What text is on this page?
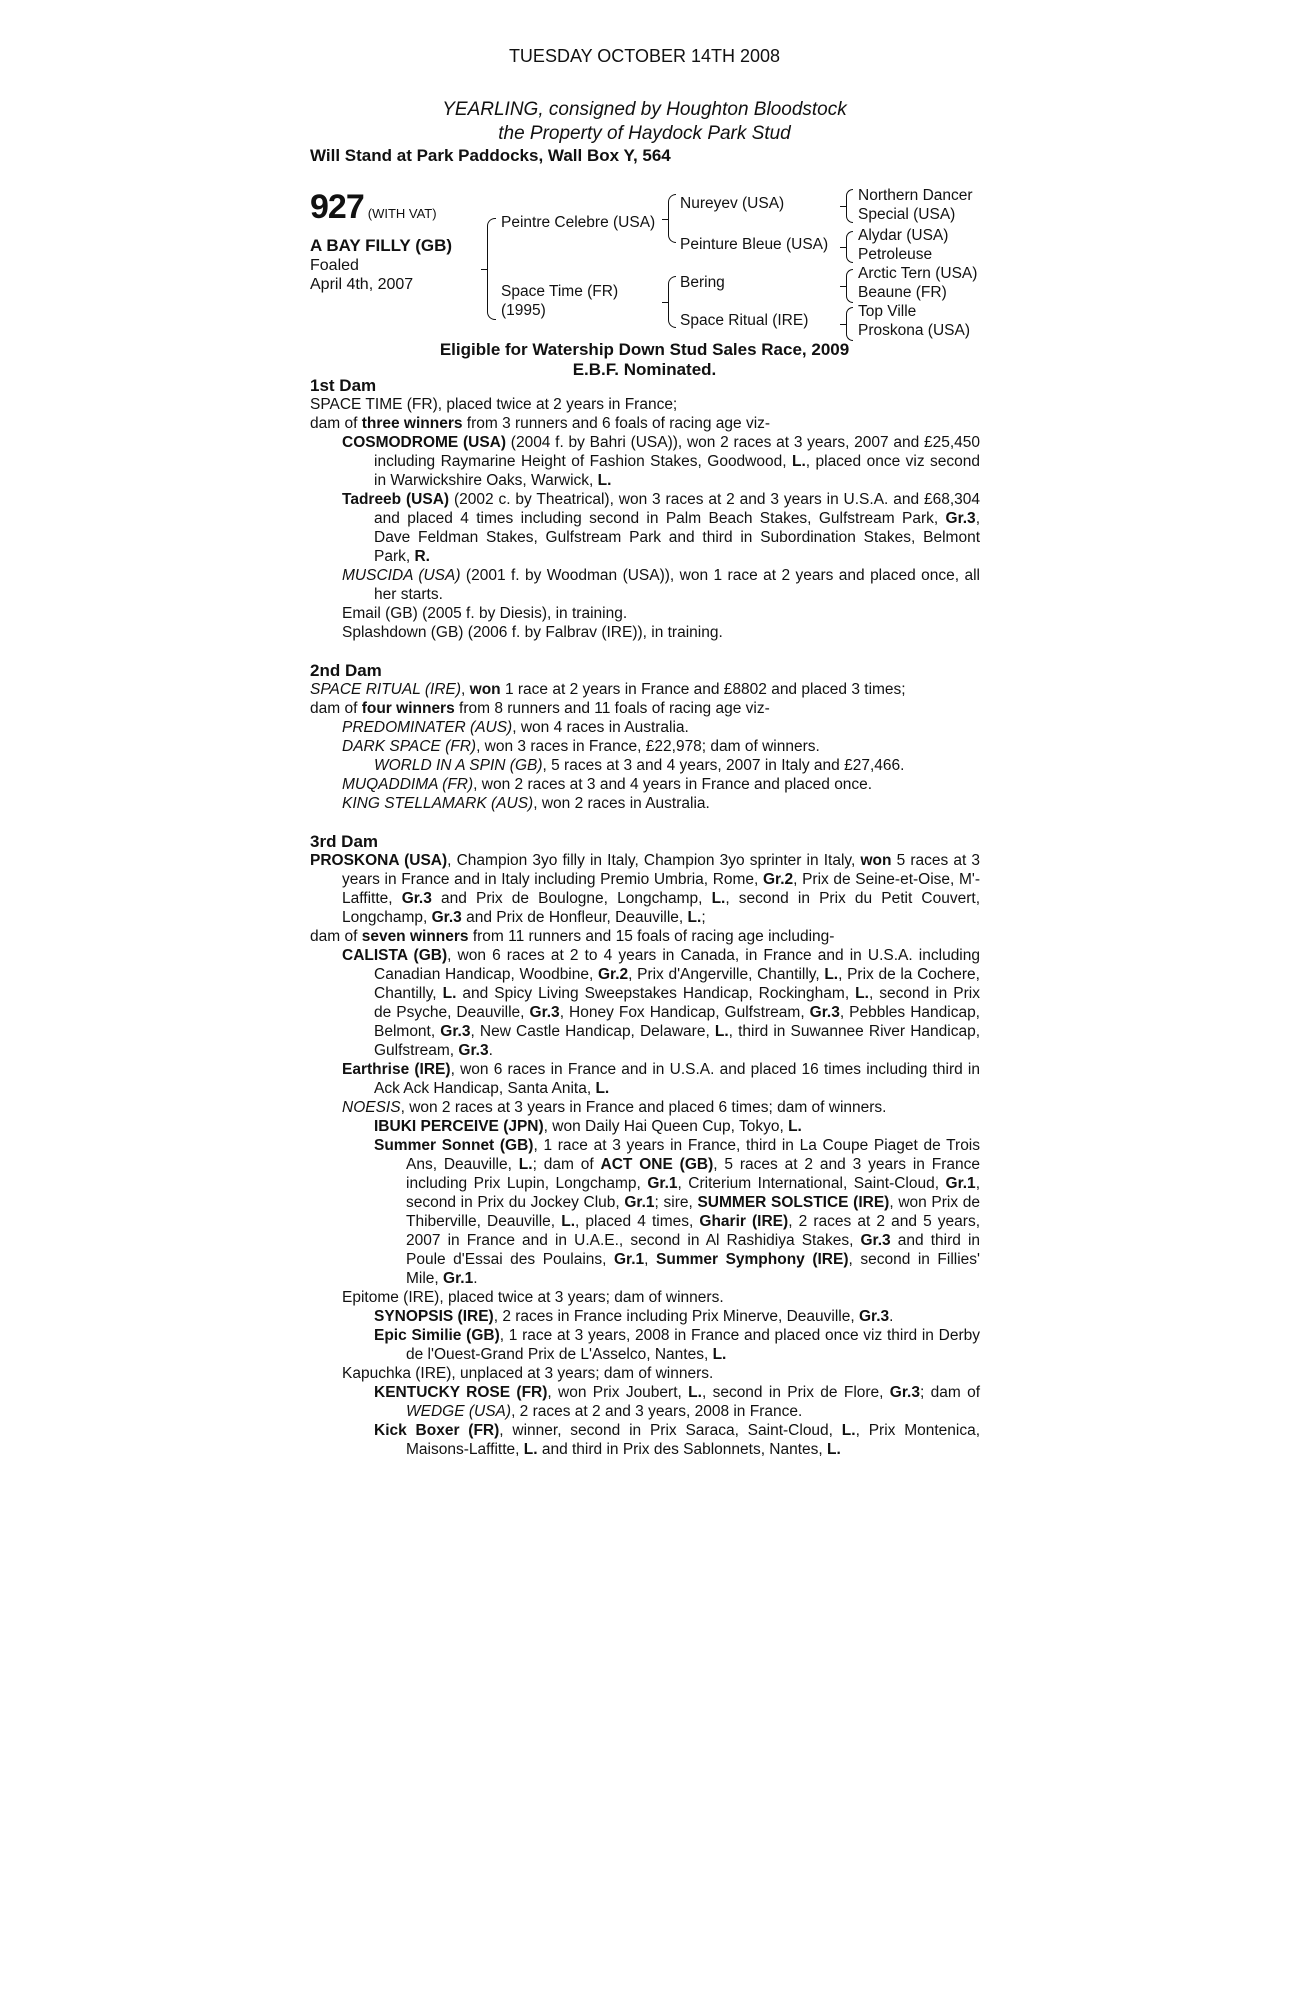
TUESDAY OCTOBER 14TH 2008
YEARLING, consigned by Houghton Bloodstock
the Property of Haydock Park Stud
Will Stand at Park Paddocks, Wall Box Y, 564
927 (WITH VAT)
A BAY FILLY (GB)
Foaled
April 4th, 2007
Peintre Celebre (USA)
Space Time (FR)
(1995)
Nureyev (USA)
Peinture Bleue (USA)
Bering
Space Ritual (IRE)
Northern Dancer
Special (USA)
Alydar (USA)
Petroleuse
Arctic Tern (USA)
Beaune (FR)
Top Ville
Proskona (USA)
Eligible for Watership Down Stud Sales Race, 2009
E.B.F. Nominated.
1st Dam

SPACE TIME (FR), placed twice at 2 years in France;

dam of three winners from 3 runners and 6 foals of racing age viz-

COSMODROME (USA) (2004 f. by Bahri (USA)), won 2 races at 3 years, 2007 and £25,450 including Raymarine Height of Fashion Stakes, Goodwood, L., placed once viz second in Warwickshire Oaks, Warwick, L.

Tadreeb (USA) (2002 c. by Theatrical), won 3 races at 2 and 3 years in U.S.A. and £68,304 and placed 4 times including second in Palm Beach Stakes, Gulfstream Park, Gr.3, Dave Feldman Stakes, Gulfstream Park and third in Subordination Stakes, Belmont Park, R.

MUSCIDA (USA) (2001 f. by Woodman (USA)), won 1 race at 2 years and placed once, all her starts.

Email (GB) (2005 f. by Diesis), in training.

Splashdown (GB) (2006 f. by Falbrav (IRE)), in training.

2nd Dam

SPACE RITUAL (IRE), won 1 race at 2 years in France and £8802 and placed 3 times;

dam of four winners from 8 runners and 11 foals of racing age viz-

PREDOMINATER (AUS), won 4 races in Australia.

DARK SPACE (FR), won 3 races in France, £22,978; dam of winners.

WORLD IN A SPIN (GB), 5 races at 3 and 4 years, 2007 in Italy and £27,466.

MUQADDIMA (FR), won 2 races at 3 and 4 years in France and placed once.

KING STELLAMARK (AUS), won 2 races in Australia.

3rd Dam

PROSKONA (USA), Champion 3yo filly in Italy, Champion 3yo sprinter in Italy, won 5 races at 3 years in France and in Italy including Premio Umbria, Rome, Gr.2, Prix de Seine-et-Oise, M'-Laffitte, Gr.3 and Prix de Boulogne, Longchamp, L., second in Prix du Petit Couvert, Longchamp, Gr.3 and Prix de Honfleur, Deauville, L.;

dam of seven winners from 11 runners and 15 foals of racing age including-

CALISTA (GB), won 6 races at 2 to 4 years in Canada, in France and in U.S.A. including Canadian Handicap, Woodbine, Gr.2, Prix d'Angerville, Chantilly, L., Prix de la Cochere, Chantilly, L. and Spicy Living Sweepstakes Handicap, Rockingham, L., second in Prix de Psyche, Deauville, Gr.3, Honey Fox Handicap, Gulfstream, Gr.3, Pebbles Handicap, Belmont, Gr.3, New Castle Handicap, Delaware, L., third in Suwannee River Handicap, Gulfstream, Gr.3.

Earthrise (IRE), won 6 races in France and in U.S.A. and placed 16 times including third in Ack Ack Handicap, Santa Anita, L.

NOESIS, won 2 races at 3 years in France and placed 6 times; dam of winners.

IBUKI PERCEIVE (JPN), won Daily Hai Queen Cup, Tokyo, L.

Summer Sonnet (GB), 1 race at 3 years in France, third in La Coupe Piaget de Trois Ans, Deauville, L.; dam of ACT ONE (GB), 5 races at 2 and 3 years in France including Prix Lupin, Longchamp, Gr.1, Criterium International, Saint-Cloud, Gr.1, second in Prix du Jockey Club, Gr.1; sire, SUMMER SOLSTICE (IRE), won Prix de Thiberville, Deauville, L., placed 4 times, Gharir (IRE), 2 races at 2 and 5 years, 2007 in France and in U.A.E., second in Al Rashidiya Stakes, Gr.3 and third in Poule d'Essai des Poulains, Gr.1, Summer Symphony (IRE), second in Fillies' Mile, Gr.1.

Epitome (IRE), placed twice at 3 years; dam of winners.

SYNOPSIS (IRE), 2 races in France including Prix Minerve, Deauville, Gr.3.

Epic Similie (GB), 1 race at 3 years, 2008 in France and placed once viz third in Derby de l'Ouest-Grand Prix de L'Asselco, Nantes, L.

Kapuchka (IRE), unplaced at 3 years; dam of winners.

KENTUCKY ROSE (FR), won Prix Joubert, L., second in Prix de Flore, Gr.3; dam of WEDGE (USA), 2 races at 2 and 3 years, 2008 in France.

Kick Boxer (FR), winner, second in Prix Saraca, Saint-Cloud, L., Prix Montenica, Maisons-Laffitte, L. and third in Prix des Sablonnets, Nantes, L.
